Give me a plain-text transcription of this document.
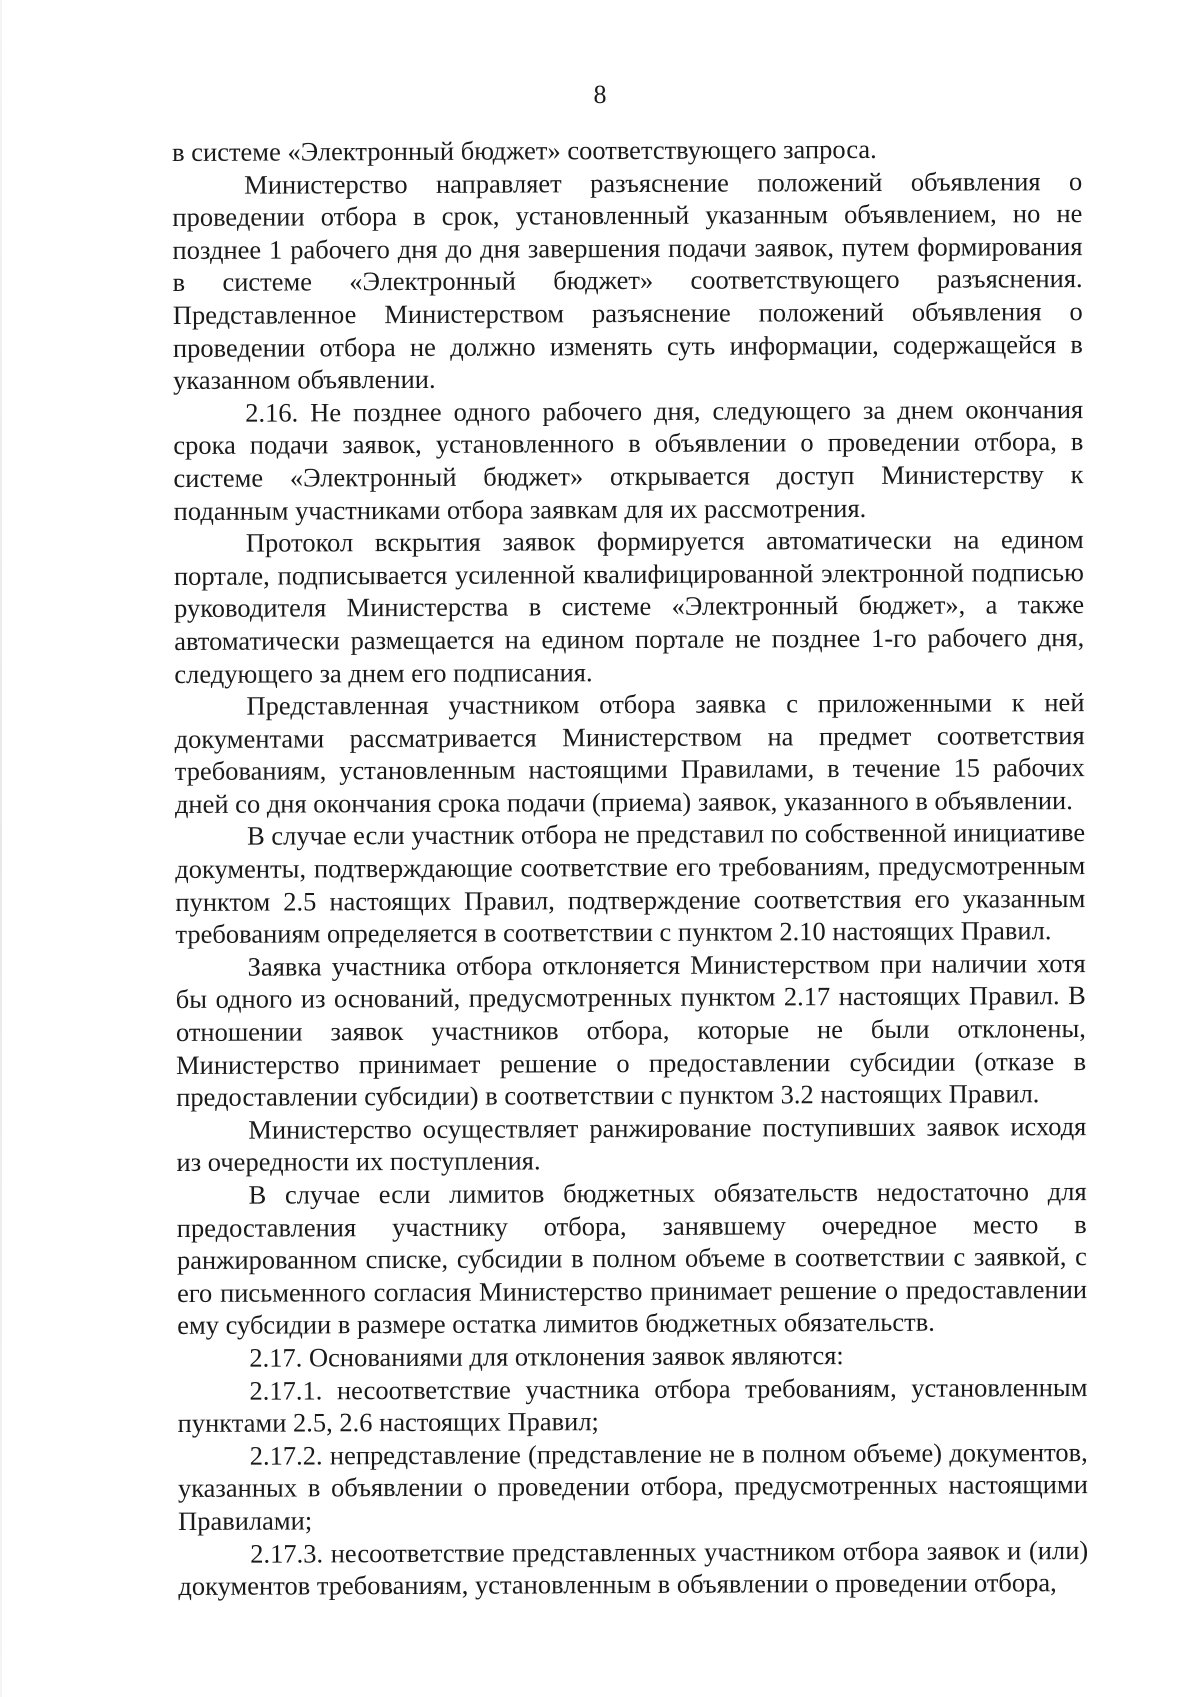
8

в системе «Электронный бюджет» соответствующего запроса.

Министерство направляет разъяснение положений объявления о проведении отбора в срок, установленный указанным объявлением, но не позднее 1 рабочего дня до дня завершения подачи заявок, путем формирования в системе «Электронный бюджет» соответствующего разъяснения. Представленное Министерством разъяснение положений объявления о проведении отбора не должно изменять суть информации, содержащейся в указанном объявлении.

2.16. Не позднее одного рабочего дня, следующего за днем окончания срока подачи заявок, установленного в объявлении о проведении отбора, в системе «Электронный бюджет» открывается доступ Министерству к поданным участниками отбора заявкам для их рассмотрения.

Протокол вскрытия заявок формируется автоматически на едином портале, подписывается усиленной квалифицированной электронной подписью руководителя Министерства в системе «Электронный бюджет», а также автоматически размещается на едином портале не позднее 1-го рабочего дня, следующего за днем его подписания.

Представленная участником отбора заявка с приложенными к ней документами рассматривается Министерством на предмет соответствия требованиям, установленным настоящими Правилами, в течение 15 рабочих дней со дня окончания срока подачи (приема) заявок, указанного в объявлении.

В случае если участник отбора не представил по собственной инициативе документы, подтверждающие соответствие его требованиям, предусмотренным пунктом 2.5 настоящих Правил, подтверждение соответствия его указанным требованиям определяется в соответствии с пунктом 2.10 настоящих Правил.

Заявка участника отбора отклоняется Министерством при наличии хотя бы одного из оснований, предусмотренных пунктом 2.17 настоящих Правил. В отношении заявок участников отбора, которые не были отклонены, Министерство принимает решение о предоставлении субсидии (отказе в предоставлении субсидии) в соответствии с пунктом 3.2 настоящих Правил.

Министерство осуществляет ранжирование поступивших заявок исходя из очередности их поступления.

В случае если лимитов бюджетных обязательств недостаточно для предоставления участнику отбора, занявшему очередное место в ранжированном списке, субсидии в полном объеме в соответствии с заявкой, с его письменного согласия Министерство принимает решение о предоставлении ему субсидии в размере остатка лимитов бюджетных обязательств.

2.17. Основаниями для отклонения заявок являются:

2.17.1. несоответствие участника отбора требованиям, установленным пунктами 2.5, 2.6 настоящих Правил;

2.17.2. непредставление (представление не в полном объеме) документов, указанных в объявлении о проведении отбора, предусмотренных настоящими Правилами;

2.17.3. несоответствие представленных участником отбора заявок и (или) документов требованиям, установленным в объявлении о проведении отбора,
